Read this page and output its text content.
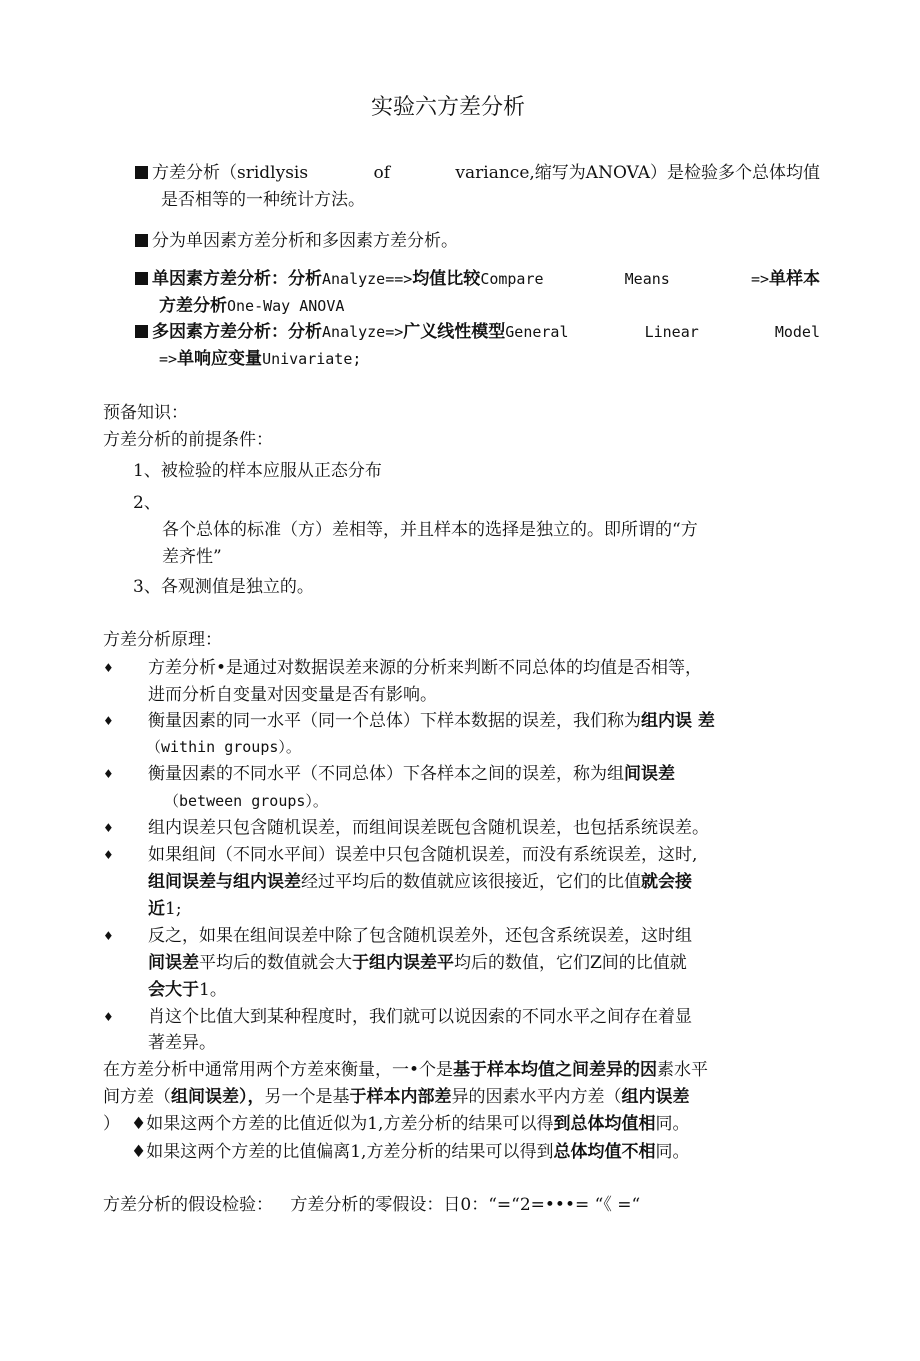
实验六方差分析
方差分析（sridlysis	of	variance,缩写为ANOVA）是检验多个总体均值
是否相等的一种统计方法。
分为单因素方差分析和多因素方差分析。
单因素方差分析：分析Analyze==>均值比较Compare	Means	=>单样本
方差分析One-Way ANOVA
多因素方差分析：分析Analyze=>广义线性模型General	Linear	Model
=>单响应变量Univariate;
预备知识：
方差分析的前提条件：
1、被检验的样本应服从正态分布
2、
各个总体的标准（方）差相等，并且样本的选择是独立的。即所谓的“方
差齐性”
3、各观测值是独立的。
方差分析原理：
♦ 方差分析•是通过对数据误差来源的分析来判断不同总体的均值是否相等，
进而分析自变量对因变量是否有影响。
♦ 衡量因素的同一水平（同一个总体）下样本数据的误差，我们称为组内误 差
（within groups）。
♦ 衡量因素的不同水平（不同总体）下各样本之间的误差，称为组间误差
（between groups）。
♦ 组内误差只包含随机误差，而组间误差既包含随机误差，也包括系统误差。
♦ 如果组间（不同水平间）误差中只包含随机误差，而没有系统误差，这时,
组间误差与组内误差经过平均后的数值就应该很接近，它们的比值就会接
近1;
♦ 反之，如果在组间误差中除了包含随机误差外，还包含系统误差，这时组
间误差平均后的数值就会大于组内误差平均后的数值，它们Z间的比值就
会大于1。
♦ 肖这个比值大到某种程度时，我们就可以说因索的不同水平之间存在着显
著差异。
在方差分析中通常用两个方差來衡量，一•个是基于样本均值之间差异的因素水平
间方差（组间误差），另一个是基于样本内部差异的因素水平内方差（组内误差
） ♦如果这两个方差的比值近似为1,方差分析的结果可以得到总体均值相同。
♦如果这两个方差的比值偏离1,方差分析的结果可以得到总体均值不相同。
方差分析的假设检验： 方差分析的零假设：日0：“=“2=•••= “《 =“
